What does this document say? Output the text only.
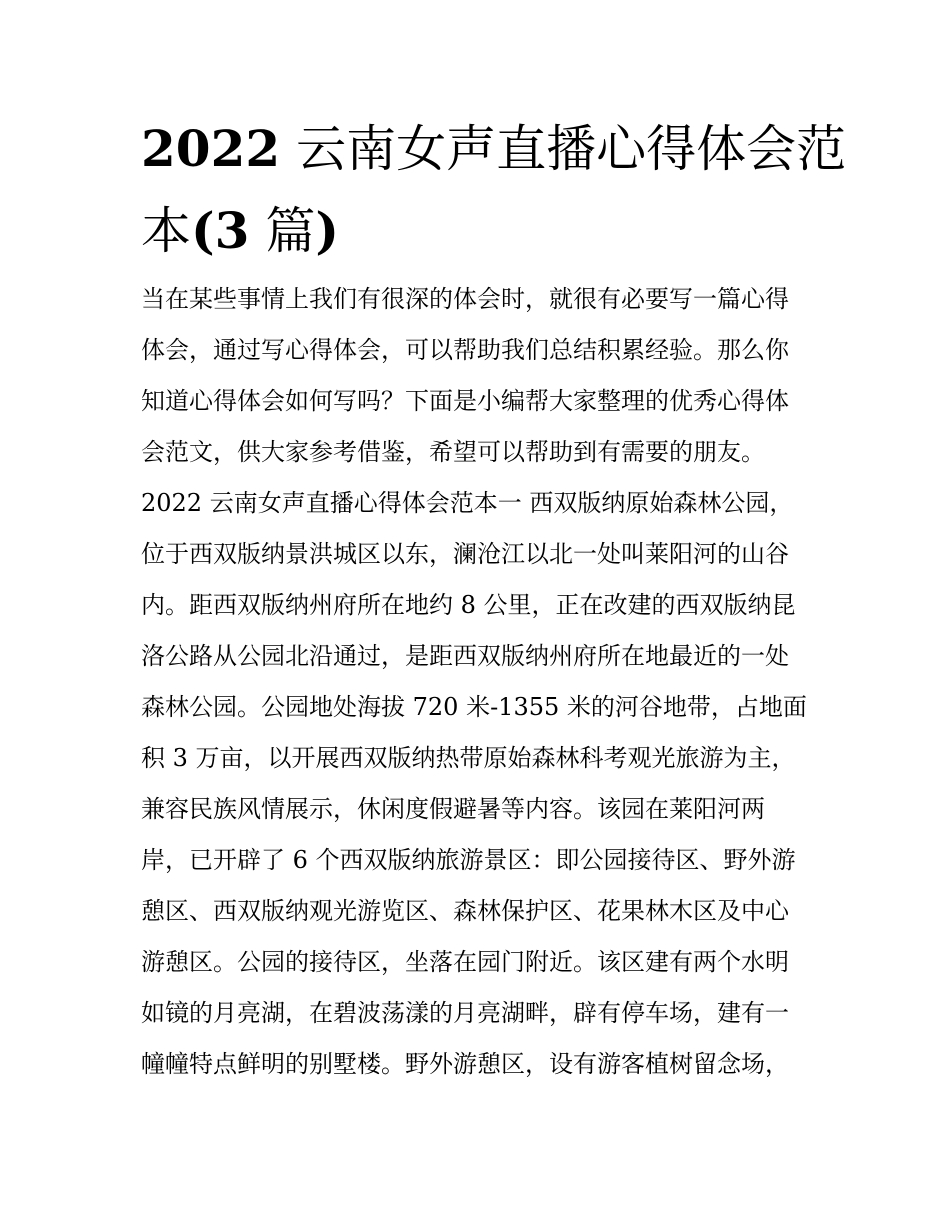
2022 云南女声直播心得体会范
本(3 篇)
当在某些事情上我们有很深的体会时，就很有必要写一篇心得
体会，通过写心得体会，可以帮助我们总结积累经验。那么你
知道心得体会如何写吗？下面是小编帮大家整理的优秀心得体
会范文，供大家参考借鉴，希望可以帮助到有需要的朋友。
2022 云南女声直播心得体会范本一 西双版纳原始森林公园，
位于西双版纳景洪城区以东，澜沧江以北一处叫莱阳河的山谷
内。距西双版纳州府所在地约 8 公里，正在改建的西双版纳昆
洛公路从公园北沿通过，是距西双版纳州府所在地最近的一处
森林公园。公园地处海拔 720 米-1355 米的河谷地带，占地面
积 3 万亩，以开展西双版纳热带原始森林科考观光旅游为主，
兼容民族风情展示，休闲度假避暑等内容。该园在莱阳河两
岸，已开辟了 6 个西双版纳旅游景区：即公园接待区、野外游
憩区、西双版纳观光游览区、森林保护区、花果林木区及中心
游憩区。公园的接待区，坐落在园门附近。该区建有两个水明
如镜的月亮湖，在碧波荡漾的月亮湖畔，辟有停车场，建有一
幢幢特点鲜明的别墅楼。野外游憩区，设有游客植树留念场，
